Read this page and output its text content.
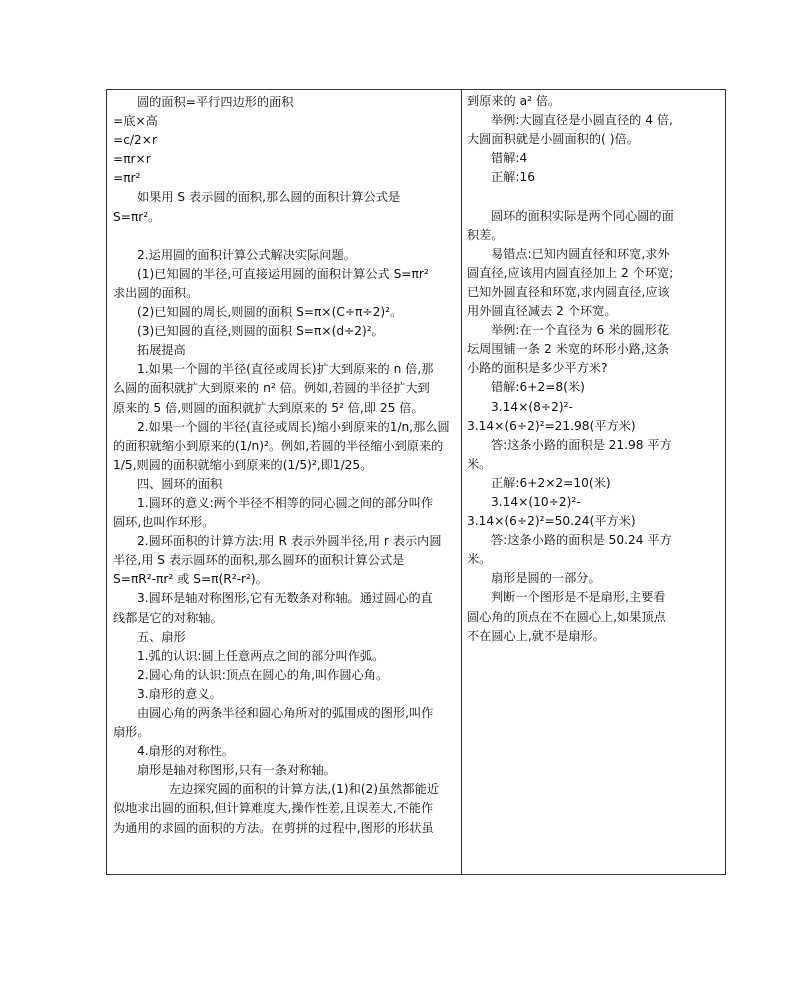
圆的面积=平行四边形的面积

=底×高

=c/2×r

=πr×r

=πr²

如果用 S 表示圆的面积,那么圆的面积计算公式是

S=πr²。

2.运用圆的面积计算公式解决实际问题。

(1)已知圆的半径,可直接运用圆的面积计算公式 S=πr²

求出圆的面积。

(2)已知圆的周长,则圆的面积 S=π×(C÷π÷2)²。

(3)已知圆的直径,则圆的面积 S=π×(d÷2)²。

拓展提高

1.如果一个圆的半径(直径或周长)扩大到原来的 n 倍,那

么圆的面积就扩大到原来的 n² 倍。例如,若圆的半径扩大到

原来的 5 倍,则圆的面积就扩大到原来的 5² 倍,即 25 倍。

2.如果一个圆的半径(直径或周长)缩小到原来的1/n,那么圆

的面积就缩小到原来的(1/n)²。例如,若圆的半径缩小到原来的

1/5,则圆的面积就缩小到原来的(1/5)²,即1/25。

四、圆环的面积

1.圆环的意义:两个半径不相等的同心圆之间的部分叫作

圆环,也叫作环形。

2.圆环面积的计算方法:用 R 表示外圆半径,用 r 表示内圆

半径,用 S 表示圆环的面积,那么圆环的面积计算公式是

S=πR²-πr² 或 S=π(R²-r²)。

3.圆环是轴对称图形,它有无数条对称轴。通过圆心的直

线都是它的对称轴。

五、扇形

1.弧的认识:圆上任意两点之间的部分叫作弧。

2.圆心角的认识:顶点在圆心的角,叫作圆心角。

3.扇形的意义。

由圆心角的两条半径和圆心角所对的弧围成的图形,叫作

扇形。

4.扇形的对称性。

扇形是轴对称图形,只有一条对称轴。

左边探究圆的面积的计算方法,(1)和(2)虽然都能近

似地求出圆的面积,但计算难度大,操作性差,且误差大,不能作

为通用的求圆的面积的方法。在剪拼的过程中,图形的形状虽

到原来的 a² 倍。

举例:大圆直径是小圆直径的 4 倍,

大圆面积就是小圆面积的( )倍。

错解:4

正解:16

圆环的面积实际是两个同心圆的面

积差。

易错点:已知内圆直径和环宽,求外

圆直径,应该用内圆直径加上 2 个环宽;

已知外圆直径和环宽,求内圆直径,应该

用外圆直径减去 2 个环宽。

举例:在一个直径为 6 米的圆形花

坛周围铺一条 2 米宽的环形小路,这条

小路的面积是多少平方米?

错解:6+2=8(米)

3.14×(8÷2)²-

3.14×(6÷2)²=21.98(平方米)

答:这条小路的面积是 21.98 平方

米。

正解:6+2×2=10(米)

3.14×(10÷2)²-

3.14×(6÷2)²=50.24(平方米)

答:这条小路的面积是 50.24 平方

米。

扇形是圆的一部分。

判断一个图形是不是扇形,主要看

圆心角的顶点在不在圆心上,如果顶点

不在圆心上,就不是扇形。
